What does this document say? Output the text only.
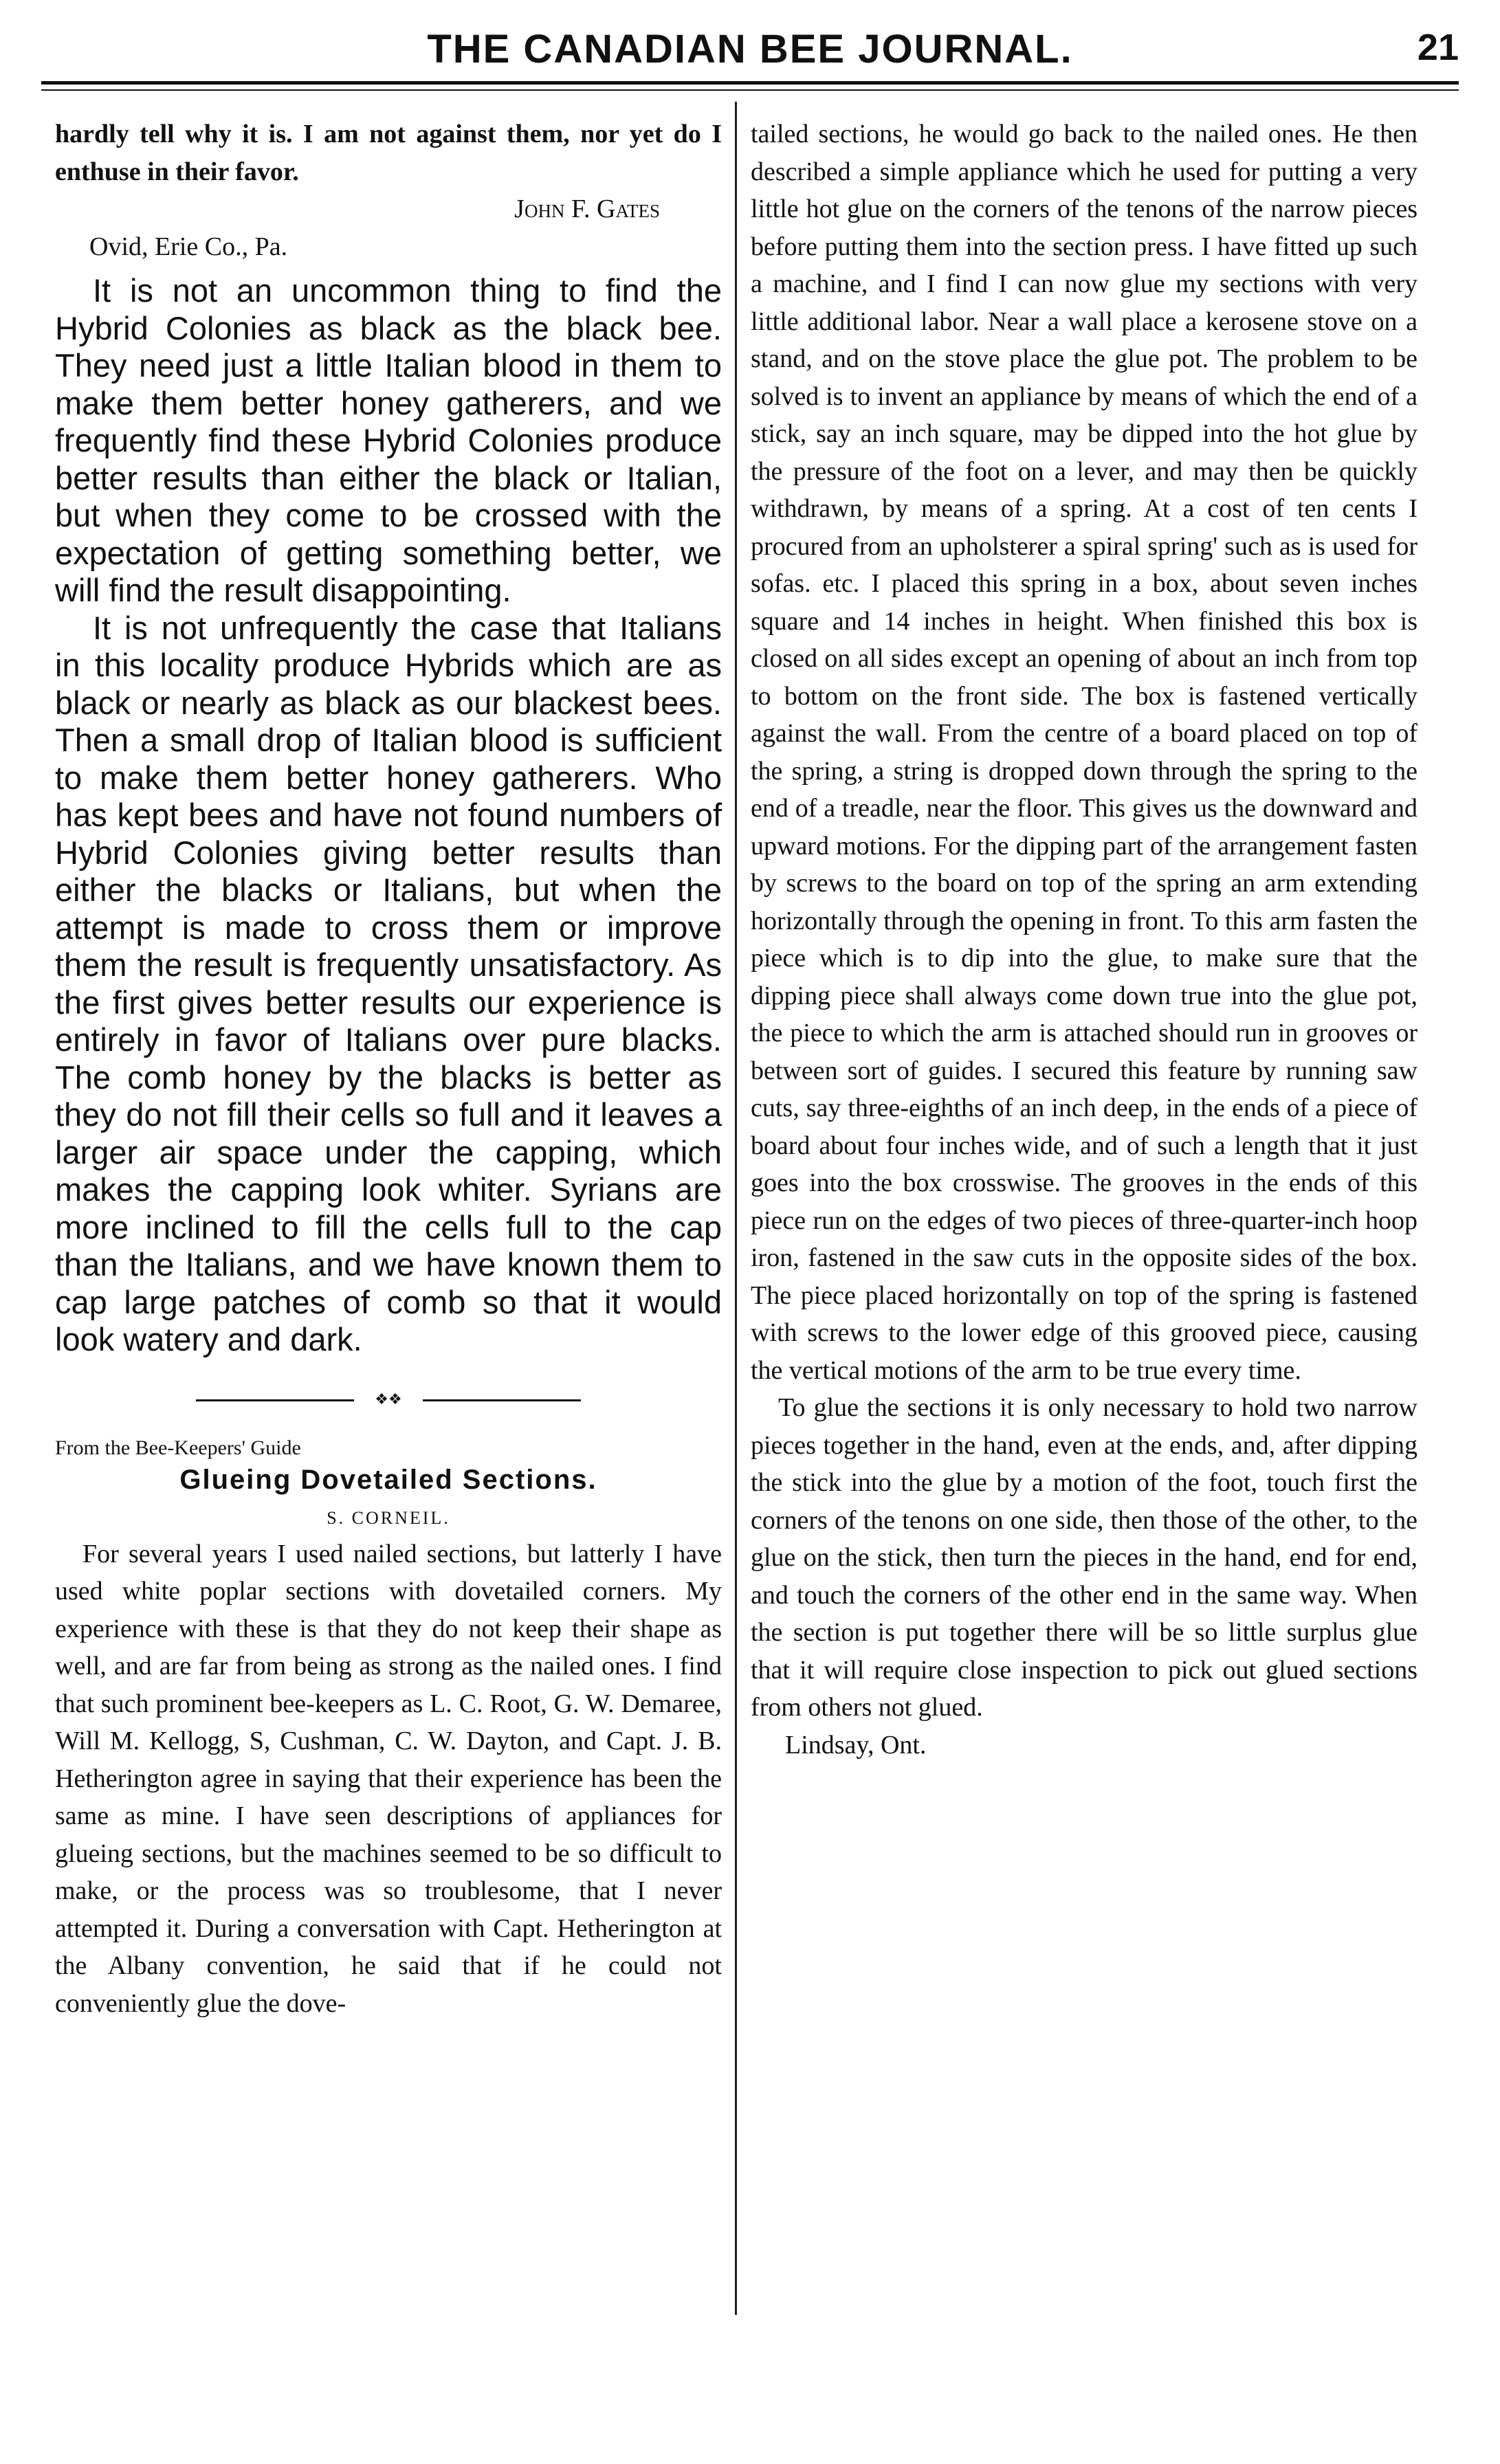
THE CANADIAN BEE JOURNAL.	21

hardly tell why it is. I am not against them, nor yet do I enthuse in their favor.

John F. Gates

Ovid, Erie Co., Pa.

It is not an uncommon thing to find the Hybrid Colonies as black as the black bee. They need just a little Italian blood in them to make them better honey gatherers, and we frequently find these Hybrid Colonies produce better results than either the black or Italian, but when they come to be crossed with the expectation of getting something better, we will find the result disappointing.

It is not unfrequently the case that Italians in this locality produce Hybrids which are as black or nearly as black as our blackest bees. Then a small drop of Italian blood is sufficient to make them better honey gatherers. Who has kept bees and have not found numbers of Hybrid Colonies giving better results than either the blacks or Italians, but when the attempt is made to cross them or improve them the result is frequently unsatisfactory. As the first gives better results our experience is entirely in favor of Italians over pure blacks. The comb honey by the blacks is better as they do not fill their cells so full and it leaves a larger air space under the capping, which makes the capping look whiter. Syrians are more inclined to fill the cells full to the cap than the Italians, and we have known them to cap large patches of comb so that it would look watery and dark.

❖❖
From the Bee-Keepers' Guide
Glueing Dovetailed Sections.
S. CORNEIL.

For several years I used nailed sections, but latterly I have used white poplar sections with dovetailed corners. My experience with these is that they do not keep their shape as well, and are far from being as strong as the nailed ones. I find that such prominent bee-keepers as L. C. Root, G. W. Demaree, Will M. Kellogg, S, Cushman, C. W. Dayton, and Capt. J. B. Hetherington agree in saying that their experience has been the same as mine. I have seen descriptions of appliances for glueing sections, but the machines seemed to be so difficult to make, or the process was so troublesome, that I never attempted it. During a conversation with Capt. Hetherington at the Albany convention, he said that if he could not conveniently glue the dove-

tailed sections, he would go back to the nailed ones. He then described a simple appliance which he used for putting a very little hot glue on the corners of the tenons of the narrow pieces before putting them into the section press. I have fitted up such a machine, and I find I can now glue my sections with very little additional labor. Near a wall place a kerosene stove on a stand, and on the stove place the glue pot. The problem to be solved is to invent an appliance by means of which the end of a stick, say an inch square, may be dipped into the hot glue by the pressure of the foot on a lever, and may then be quickly withdrawn, by means of a spring. At a cost of ten cents I procured from an upholsterer a spiral spring' such as is used for sofas. etc. I placed this spring in a box, about seven inches square and 14 inches in height. When finished this box is closed on all sides except an opening of about an inch from top to bottom on the front side. The box is fastened vertically against the wall. From the centre of a board placed on top of the spring, a string is dropped down through the spring to the end of a treadle, near the floor. This gives us the downward and upward motions. For the dipping part of the arrangement fasten by screws to the board on top of the spring an arm extending horizontally through the opening in front. To this arm fasten the piece which is to dip into the glue, to make sure that the dipping piece shall always come down true into the glue pot, the piece to which the arm is attached should run in grooves or between sort of guides. I secured this feature by running saw cuts, say three-eighths of an inch deep, in the ends of a piece of board about four inches wide, and of such a length that it just goes into the box crosswise. The grooves in the ends of this piece run on the edges of two pieces of three-quarter-inch hoop iron, fastened in the saw cuts in the opposite sides of the box. The piece placed horizontally on top of the spring is fastened with screws to the lower edge of this grooved piece, causing the vertical motions of the arm to be true every time.

To glue the sections it is only necessary to hold two narrow pieces together in the hand, even at the ends, and, after dipping the stick into the glue by a motion of the foot, touch first the corners of the tenons on one side, then those of the other, to the glue on the stick, then turn the pieces in the hand, end for end, and touch the corners of the other end in the same way. When the section is put together there will be so little surplus glue that it will require close inspection to pick out glued sections from others not glued.

Lindsay, Ont.
